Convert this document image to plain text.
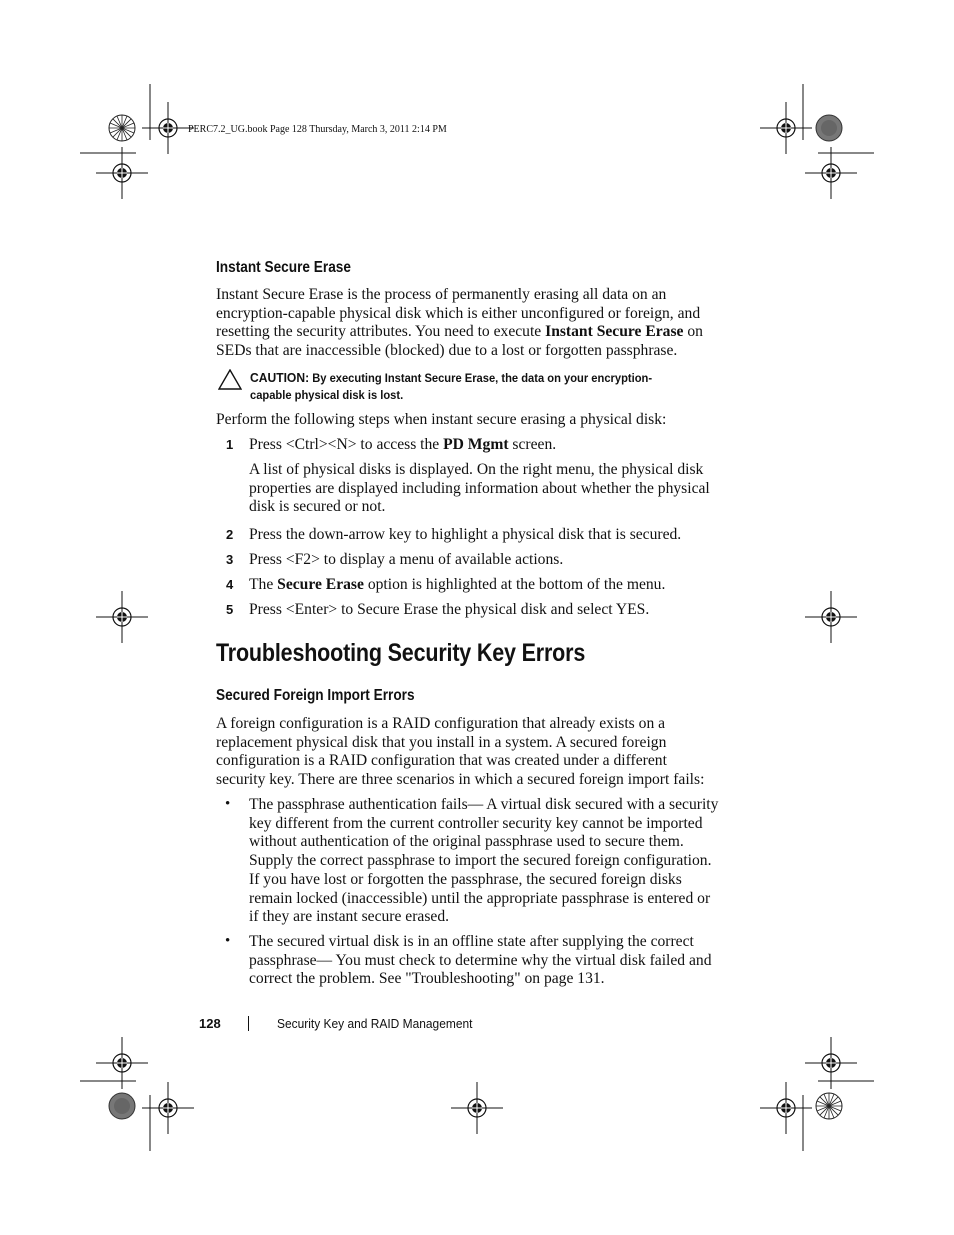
PERC7.2_UG.book Page 128 Thursday, March 3, 2011 2:14 PM
Instant Secure Erase
Instant Secure Erase is the process of permanently erasing all data on an encryption-capable physical disk which is either unconfigured or foreign, and resetting the security attributes. You need to execute Instant Secure Erase on SEDs that are inaccessible (blocked) due to a lost or forgotten passphrase.
CAUTION: By executing Instant Secure Erase, the data on your encryption-capable physical disk is lost.
Perform the following steps when instant secure erasing a physical disk:
1 Press <Ctrl><N> to access the PD Mgmt screen.
A list of physical disks is displayed. On the right menu, the physical disk properties are displayed including information about whether the physical disk is secured or not.
2 Press the down-arrow key to highlight a physical disk that is secured.
3 Press <F2> to display a menu of available actions.
4 The Secure Erase option is highlighted at the bottom of the menu.
5 Press <Enter> to Secure Erase the physical disk and select YES.
Troubleshooting Security Key Errors
Secured Foreign Import Errors
A foreign configuration is a RAID configuration that already exists on a replacement physical disk that you install in a system. A secured foreign configuration is a RAID configuration that was created under a different security key. There are three scenarios in which a secured foreign import fails:
• The passphrase authentication fails— A virtual disk secured with a security key different from the current controller security key cannot be imported without authentication of the original passphrase used to secure them. Supply the correct passphrase to import the secured foreign configuration. If you have lost or forgotten the passphrase, the secured foreign disks remain locked (inaccessible) until the appropriate passphrase is entered or if they are instant secure erased.
• The secured virtual disk is in an offline state after supplying the correct passphrase— You must check to determine why the virtual disk failed and correct the problem. See "Troubleshooting" on page 131.
128	Security Key and RAID Management
